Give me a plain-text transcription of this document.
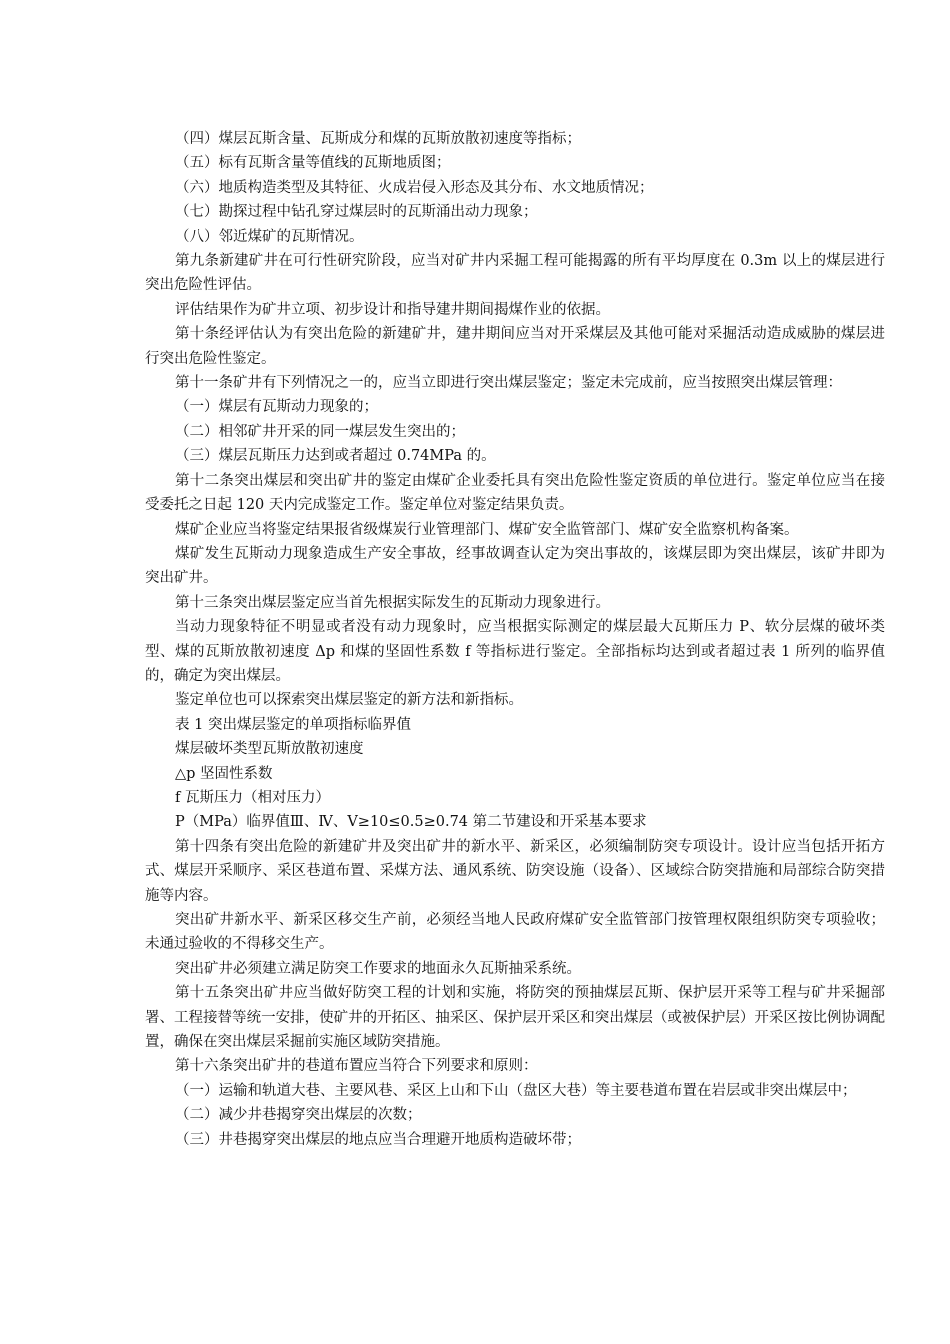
（四）煤层瓦斯含量、瓦斯成分和煤的瓦斯放散初速度等指标；

（五）标有瓦斯含量等值线的瓦斯地质图；

（六）地质构造类型及其特征、火成岩侵入形态及其分布、水文地质情况；

（七）勘探过程中钻孔穿过煤层时的瓦斯涌出动力现象；

（八）邻近煤矿的瓦斯情况。

第九条新建矿井在可行性研究阶段，应当对矿井内采掘工程可能揭露的所有平均厚度在 0.3m 以上的煤层进行突出危险性评估。

评估结果作为矿井立项、初步设计和指导建井期间揭煤作业的依据。

第十条经评估认为有突出危险的新建矿井，建井期间应当对开采煤层及其他可能对采掘活动造成威胁的煤层进行突出危险性鉴定。

第十一条矿井有下列情况之一的，应当立即进行突出煤层鉴定；鉴定未完成前，应当按照突出煤层管理：

（一）煤层有瓦斯动力现象的；

（二）相邻矿井开采的同一煤层发生突出的；

（三）煤层瓦斯压力达到或者超过 0.74MPa 的。

第十二条突出煤层和突出矿井的鉴定由煤矿企业委托具有突出危险性鉴定资质的单位进行。鉴定单位应当在接受委托之日起 120 天内完成鉴定工作。鉴定单位对鉴定结果负责。

煤矿企业应当将鉴定结果报省级煤炭行业管理部门、煤矿安全监管部门、煤矿安全监察机构备案。

煤矿发生瓦斯动力现象造成生产安全事故，经事故调查认定为突出事故的，该煤层即为突出煤层，该矿井即为突出矿井。

第十三条突出煤层鉴定应当首先根据实际发生的瓦斯动力现象进行。

当动力现象特征不明显或者没有动力现象时，应当根据实际测定的煤层最大瓦斯压力 P、软分层煤的破坏类型、煤的瓦斯放散初速度 Δp 和煤的坚固性系数 f 等指标进行鉴定。全部指标均达到或者超过表 1 所列的临界值的，确定为突出煤层。

鉴定单位也可以探索突出煤层鉴定的新方法和新指标。

表 1 突出煤层鉴定的单项指标临界值

煤层破坏类型瓦斯放散初速度

△p 坚固性系数

f 瓦斯压力（相对压力）

P（MPa）临界值Ⅲ、Ⅳ、Ⅴ≥10≤0.5≥0.74 第二节建设和开采基本要求

第十四条有突出危险的新建矿井及突出矿井的新水平、新采区，必须编制防突专项设计。设计应当包括开拓方式、煤层开采顺序、采区巷道布置、采煤方法、通风系统、防突设施（设备）、区域综合防突措施和局部综合防突措施等内容。

突出矿井新水平、新采区移交生产前，必须经当地人民政府煤矿安全监管部门按管理权限组织防突专项验收；未通过验收的不得移交生产。

突出矿井必须建立满足防突工作要求的地面永久瓦斯抽采系统。

第十五条突出矿井应当做好防突工程的计划和实施，将防突的预抽煤层瓦斯、保护层开采等工程与矿井采掘部署、工程接替等统一安排，使矿井的开拓区、抽采区、保护层开采区和突出煤层（或被保护层）开采区按比例协调配置，确保在突出煤层采掘前实施区域防突措施。

第十六条突出矿井的巷道布置应当符合下列要求和原则：

（一）运输和轨道大巷、主要风巷、采区上山和下山（盘区大巷）等主要巷道布置在岩层或非突出煤层中；

（二）减少井巷揭穿突出煤层的次数；

（三）井巷揭穿突出煤层的地点应当合理避开地质构造破坏带；
